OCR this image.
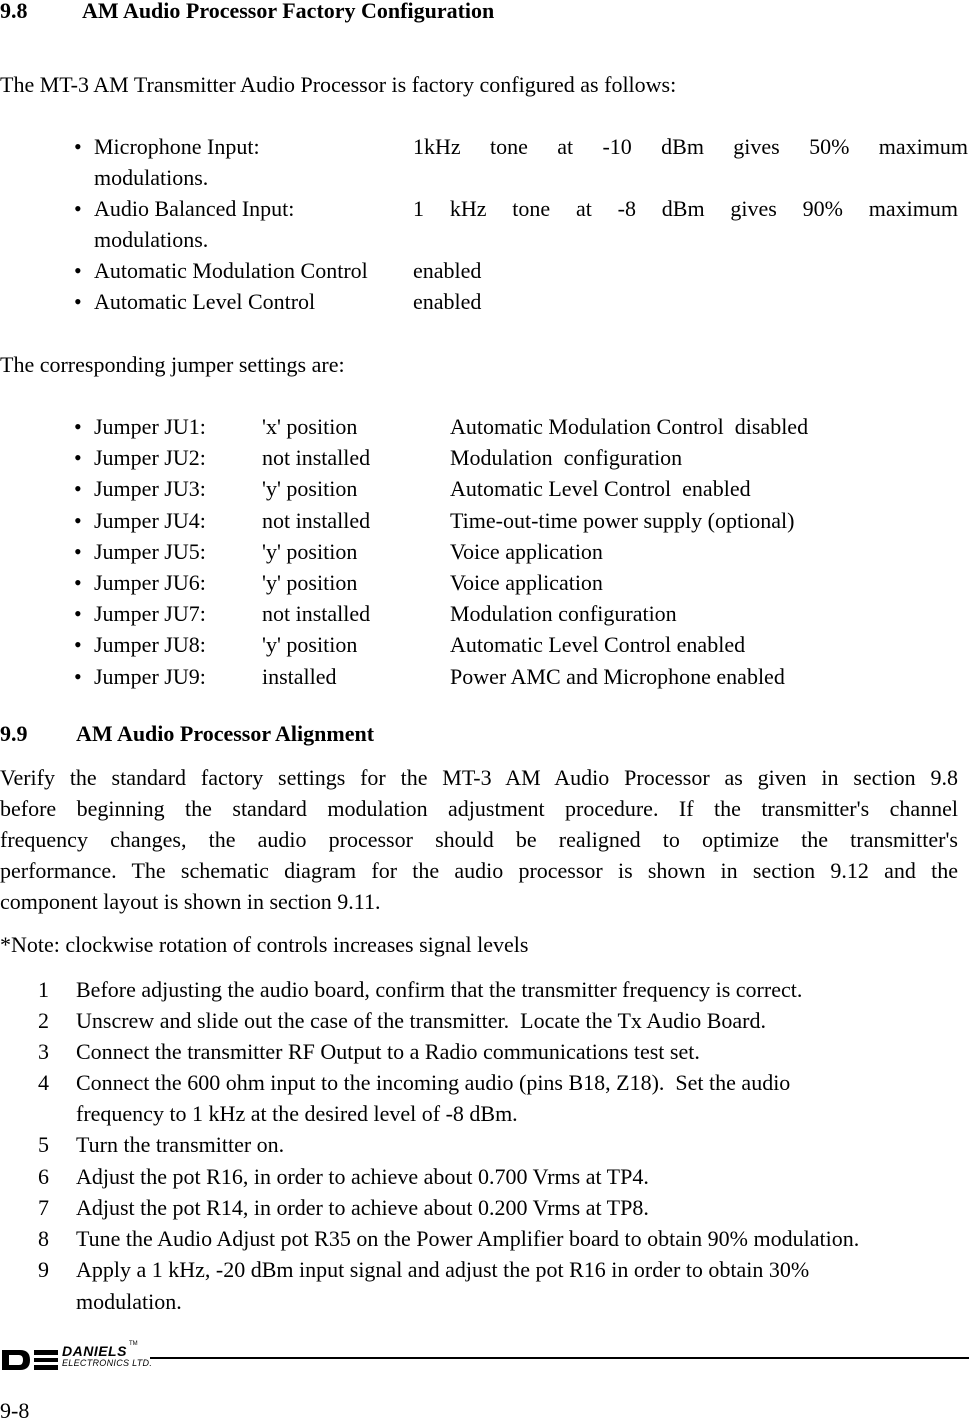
9.8 AM Audio Processor Factory Configuration
The MT-3 AM Transmitter Audio Processor is factory configured as follows:
• Microphone Input:	1kHz tone at -10 dBm gives 50% maximum
modulations.
• Audio Balanced Input:	1 kHz tone at -8 dBm gives 90% maximum
modulations.
• Automatic Modulation Control enabled
• Automatic Level Control	enabled
The corresponding jumper settings are:
• Jumper JU1:	'x' position	Automatic Modulation Control  disabled
• Jumper JU2:	not installed	Modulation  configuration
• Jumper JU3:	'y' position	Automatic Level Control  enabled
• Jumper JU4:	not installed	Time-out-time power supply (optional)
• Jumper JU5:	'y' position	Voice application
• Jumper JU6:	'y' position	Voice application
• Jumper JU7:	not installed	Modulation configuration
• Jumper JU8:	'y' position	Automatic Level Control enabled
• Jumper JU9:	installed	Power AMC and Microphone enabled
9.9 AM Audio Processor Alignment
Verify the standard factory settings for the MT-3 AM Audio Processor as given in section 9.8
before beginning the standard modulation adjustment procedure. If the transmitter's channel
frequency changes, the audio processor should be realigned to optimize the transmitter's
performance. The schematic diagram for the audio processor is shown in section 9.12 and the
component layout is shown in section 9.11.
*Note: clockwise rotation of controls increases signal levels
1 Before adjusting the audio board, confirm that the transmitter frequency is correct.
2 Unscrew and slide out the case of the transmitter.  Locate the Tx Audio Board.
3 Connect the transmitter RF Output to a Radio communications test set.
4 Connect the 600 ohm input to the incoming audio (pins B18, Z18).  Set the audio
frequency to 1 kHz at the desired level of -8 dBm.
5 Turn the transmitter on.
6 Adjust the pot R16, in order to achieve about 0.700 Vrms at TP4.
7 Adjust the pot R14, in order to achieve about 0.200 Vrms at TP8.
8 Tune the Audio Adjust pot R35 on the Power Amplifier board to obtain 90% modulation.
9 Apply a 1 kHz, -20 dBm input signal and adjust the pot R16 in order to obtain 30%
modulation.
DANIELS TM
ELECTRONICS LTD.
9-8
